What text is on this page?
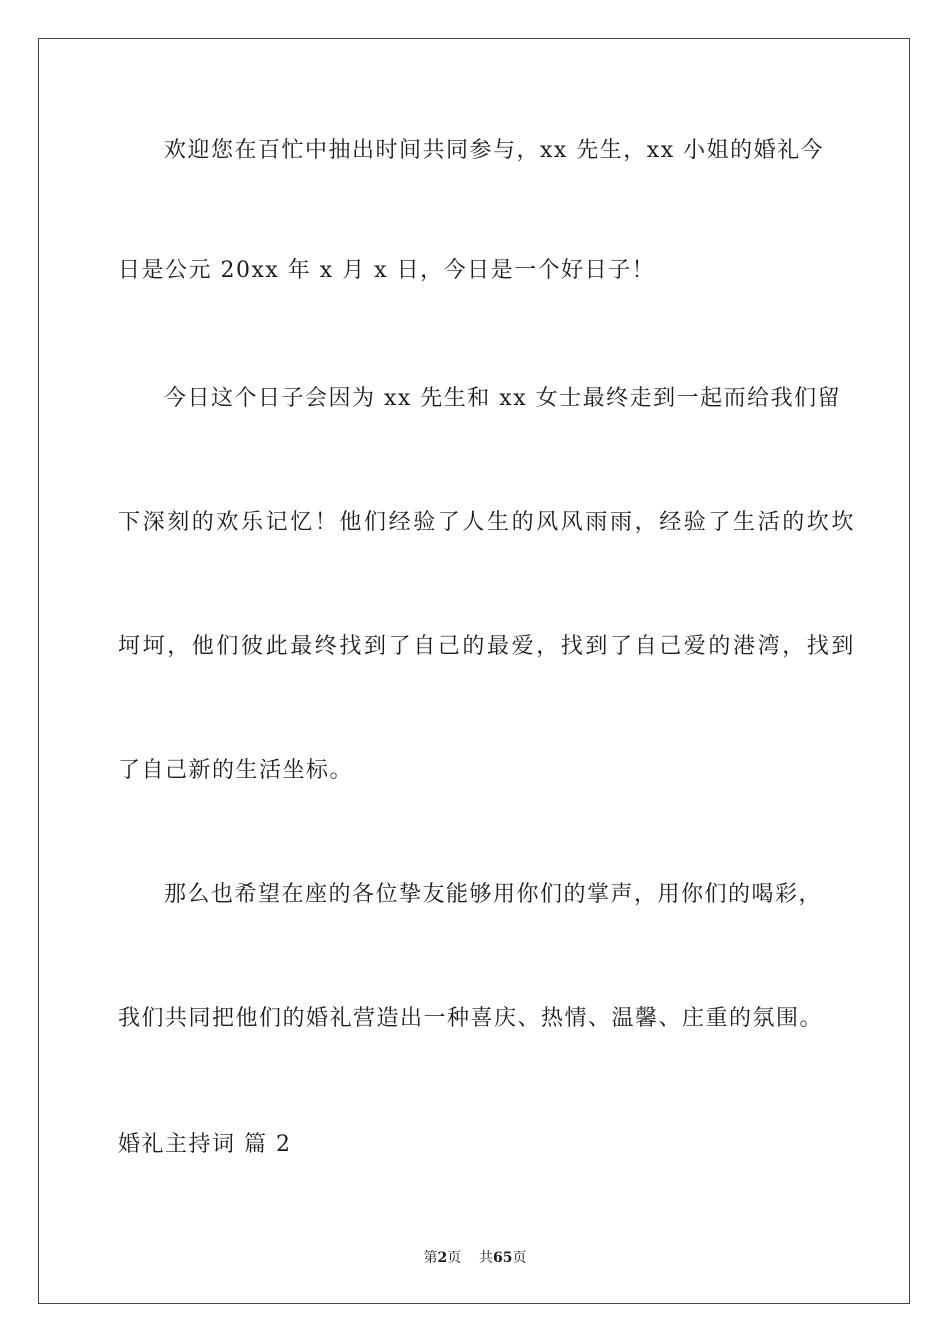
欢迎您在百忙中抽出时间共同参与，xx 先生，xx 小姐的婚礼今
日是公元 20xx 年 x 月 x 日，今日是一个好日子！
今日这个日子会因为 xx 先生和 xx 女士最终走到一起而给我们留
下深刻的欢乐记忆！他们经验了人生的风风雨雨，经验了生活的坎坎
坷坷，他们彼此最终找到了自己的最爱，找到了自己爱的港湾，找到
了自己新的生活坐标。
那么也希望在座的各位挚友能够用你们的掌声，用你们的喝彩，
我们共同把他们的婚礼营造出一种喜庆、热情、温馨、庄重的氛围。
婚礼主持词 篇 2
第2页 共65页
